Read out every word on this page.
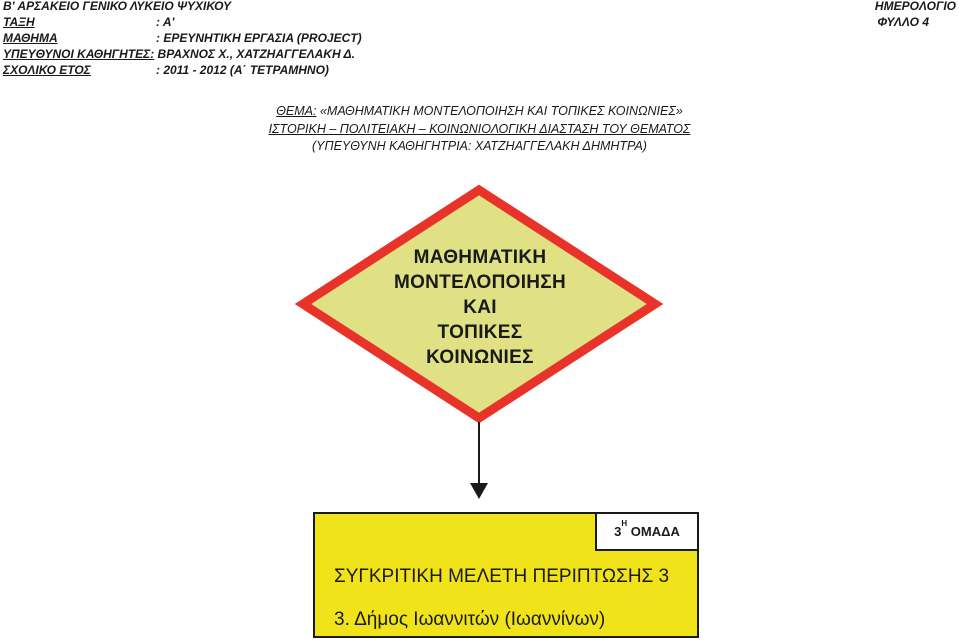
Β' ΑΡΣΑΚΕΙΟ ΓΕΝΙΚΟ ΛΥΚΕΙΟ ΨΥΧΙΚΟΥ
ΤΑΞΗ	: Α'
ΜΑΘΗΜΑ	: ΕΡΕΥΝΗΤΙΚΗ ΕΡΓΑΣΙΑ (PROJECT)
ΥΠΕΥΘΥΝΟΙ ΚΑΘΗΓΗΤΕΣ: ΒΡΑΧΝΟΣ Χ., ΧΑΤΖΗΑΓΓΕΛΑΚΗ Δ.
ΣΧΟΛΙΚΟ ΕΤΟΣ	: 2011 - 2012 (Α΄ ΤΕΤΡΑΜΗΝΟ)
ΗΜΕΡΟΛΟΓΙΟ
ΦΥΛΛΟ 4
ΘΕΜΑ: «ΜΑΘΗΜΑΤΙΚΗ ΜΟΝΤΕΛΟΠΟΙΗΣΗ ΚΑΙ ΤΟΠΙΚΕΣ ΚΟΙΝΩΝΙΕΣ»
ΙΣΤΟΡΙΚΗ – ΠΟΛΙΤΕΙΑΚΗ – ΚΟΙΝΩΝΙΟΛΟΓΙΚΗ ΔΙΑΣΤΑΣΗ ΤΟΥ ΘΕΜΑΤΟΣ
(ΥΠΕΥΘΥΝΗ ΚΑΘΗΓΗΤΡΙΑ: ΧΑΤΖΗΑΓΓΕΛΑΚΗ ΔΗΜΗΤΡΑ)
ΜΑΘΗΜΑΤΙΚΗ
ΜΟΝΤΕΛΟΠΟΙΗΣΗ
ΚΑΙ
ΤΟΠΙΚΕΣ
ΚΟΙΝΩΝΙΕΣ
$3^H$ ΟΜΑΔΑ
ΣΥΓΚΡΙΤΙΚΗ ΜΕΛΕΤΗ ΠΕΡΙΠΤΩΣΗΣ 3
3. Δήμος Ιωαννιτών (Ιωαννίνων)
